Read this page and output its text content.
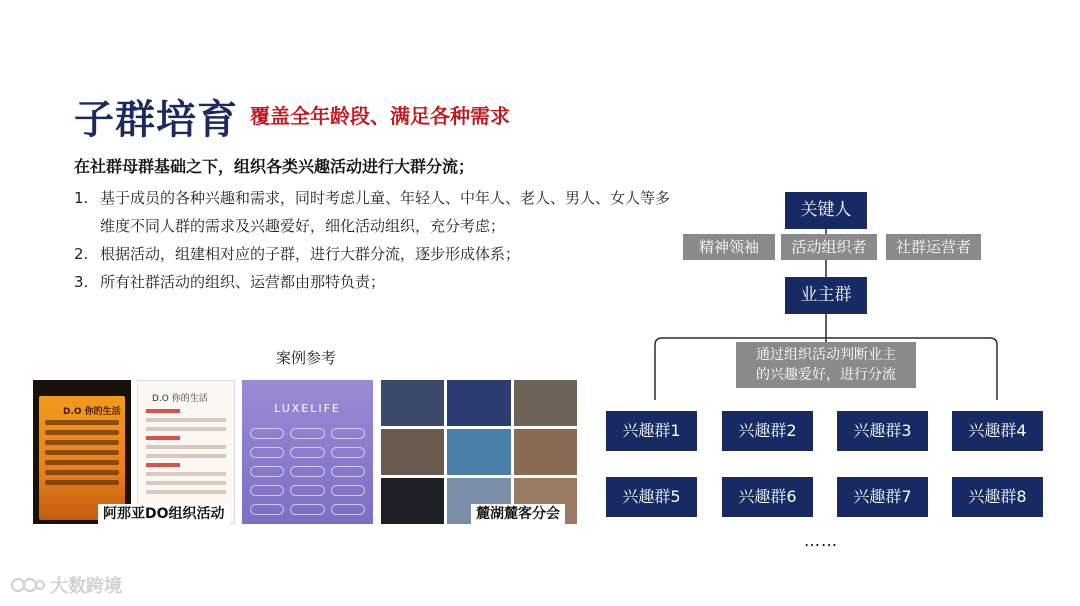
子群培育 覆盖全年龄段、满足各种需求
在社群母群基础之下，组织各类兴趣活动进行大群分流；
1. 基于成员的各种兴趣和需求，同时考虑儿童、年轻人、中年人、老人、男人、女人等多维度不同人群的需求及兴趣爱好，细化活动组织，充分考虑；
2. 根据活动，组建相对应的子群，进行大群分流，逐步形成体系；
3. 所有社群活动的组织、运营都由那特负责；
案例参考
D.O 你的生活
D.O 你的生活
LUXELIFE
阿那亚DO组织活动	麓湖麓客分会
关键人
精神领袖	活动组织者	社群运营者
业主群
通过组织活动判断业主
的兴趣爱好，进行分流
兴趣群1	兴趣群2	兴趣群3	兴趣群4
兴趣群5	兴趣群6	兴趣群7	兴趣群8
……
大数跨境
